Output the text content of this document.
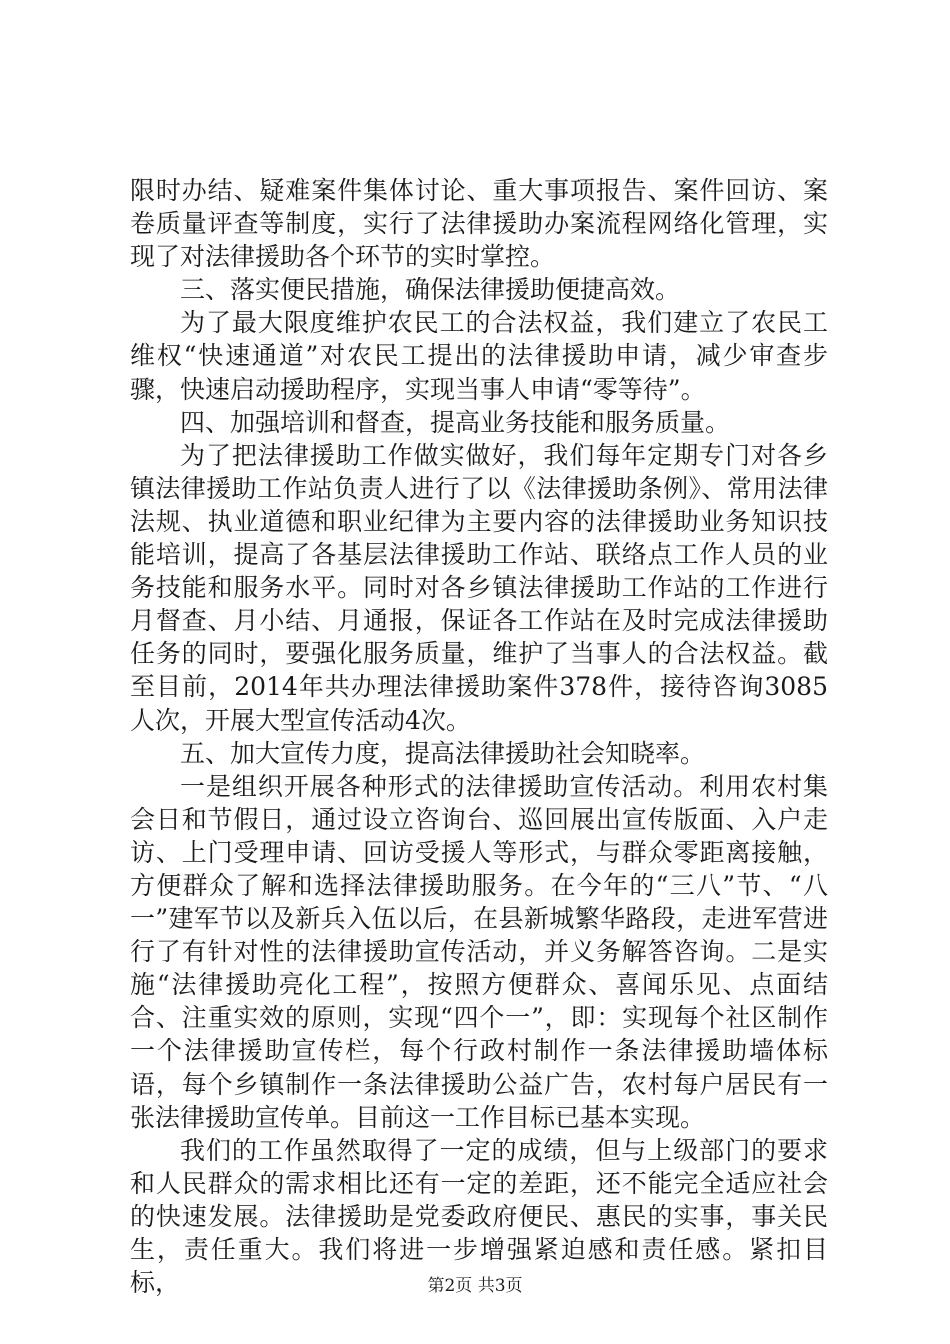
限时办结、疑难案件集体讨论、重大事项报告、案件回访、案卷质量评查等制度，实行了法律援助办案流程网络化管理，实现了对法律援助各个环节的实时掌控。

三、落实便民措施，确保法律援助便捷高效。

为了最大限度维护农民工的合法权益，我们建立了农民工维权“快速通道”对农民工提出的法律援助申请，减少审查步骤，快速启动援助程序，实现当事人申请“零等待”。

四、加强培训和督查，提高业务技能和服务质量。

为了把法律援助工作做实做好，我们每年定期专门对各乡镇法律援助工作站负责人进行了以《法律援助条例》、常用法律法规、执业道德和职业纪律为主要内容的法律援助业务知识技能培训，提高了各基层法律援助工作站、联络点工作人员的业务技能和服务水平。同时对各乡镇法律援助工作站的工作进行月督查、月小结、月通报，保证各工作站在及时完成法律援助任务的同时，要强化服务质量，维护了当事人的合法权益。截至目前，2014年共办理法律援助案件378件，接待咨询3085人次，开展大型宣传活动4次。

五、加大宣传力度，提高法律援助社会知晓率。

一是组织开展各种形式的法律援助宣传活动。利用农村集会日和节假日，通过设立咨询台、巡回展出宣传版面、入户走访、上门受理申请、回访受援人等形式，与群众零距离接触，方便群众了解和选择法律援助服务。在今年的“三八”节、“八一”建军节以及新兵入伍以后，在县新城繁华路段，走进军营进行了有针对性的法律援助宣传活动，并义务解答咨询。二是实施“法律援助亮化工程”，按照方便群众、喜闻乐见、点面结合、注重实效的原则，实现“四个一”，即：实现每个社区制作一个法律援助宣传栏，每个行政村制作一条法律援助墙体标语，每个乡镇制作一条法律援助公益广告，农村每户居民有一张法律援助宣传单。目前这一工作目标已基本实现。

我们的工作虽然取得了一定的成绩，但与上级部门的要求和人民群众的需求相比还有一定的差距，还不能完全适应社会的快速发展。法律援助是党委政府便民、惠民的实事，事关民生，责任重大。我们将进一步增强紧迫感和责任感。紧扣目标，	第2页 共3页
